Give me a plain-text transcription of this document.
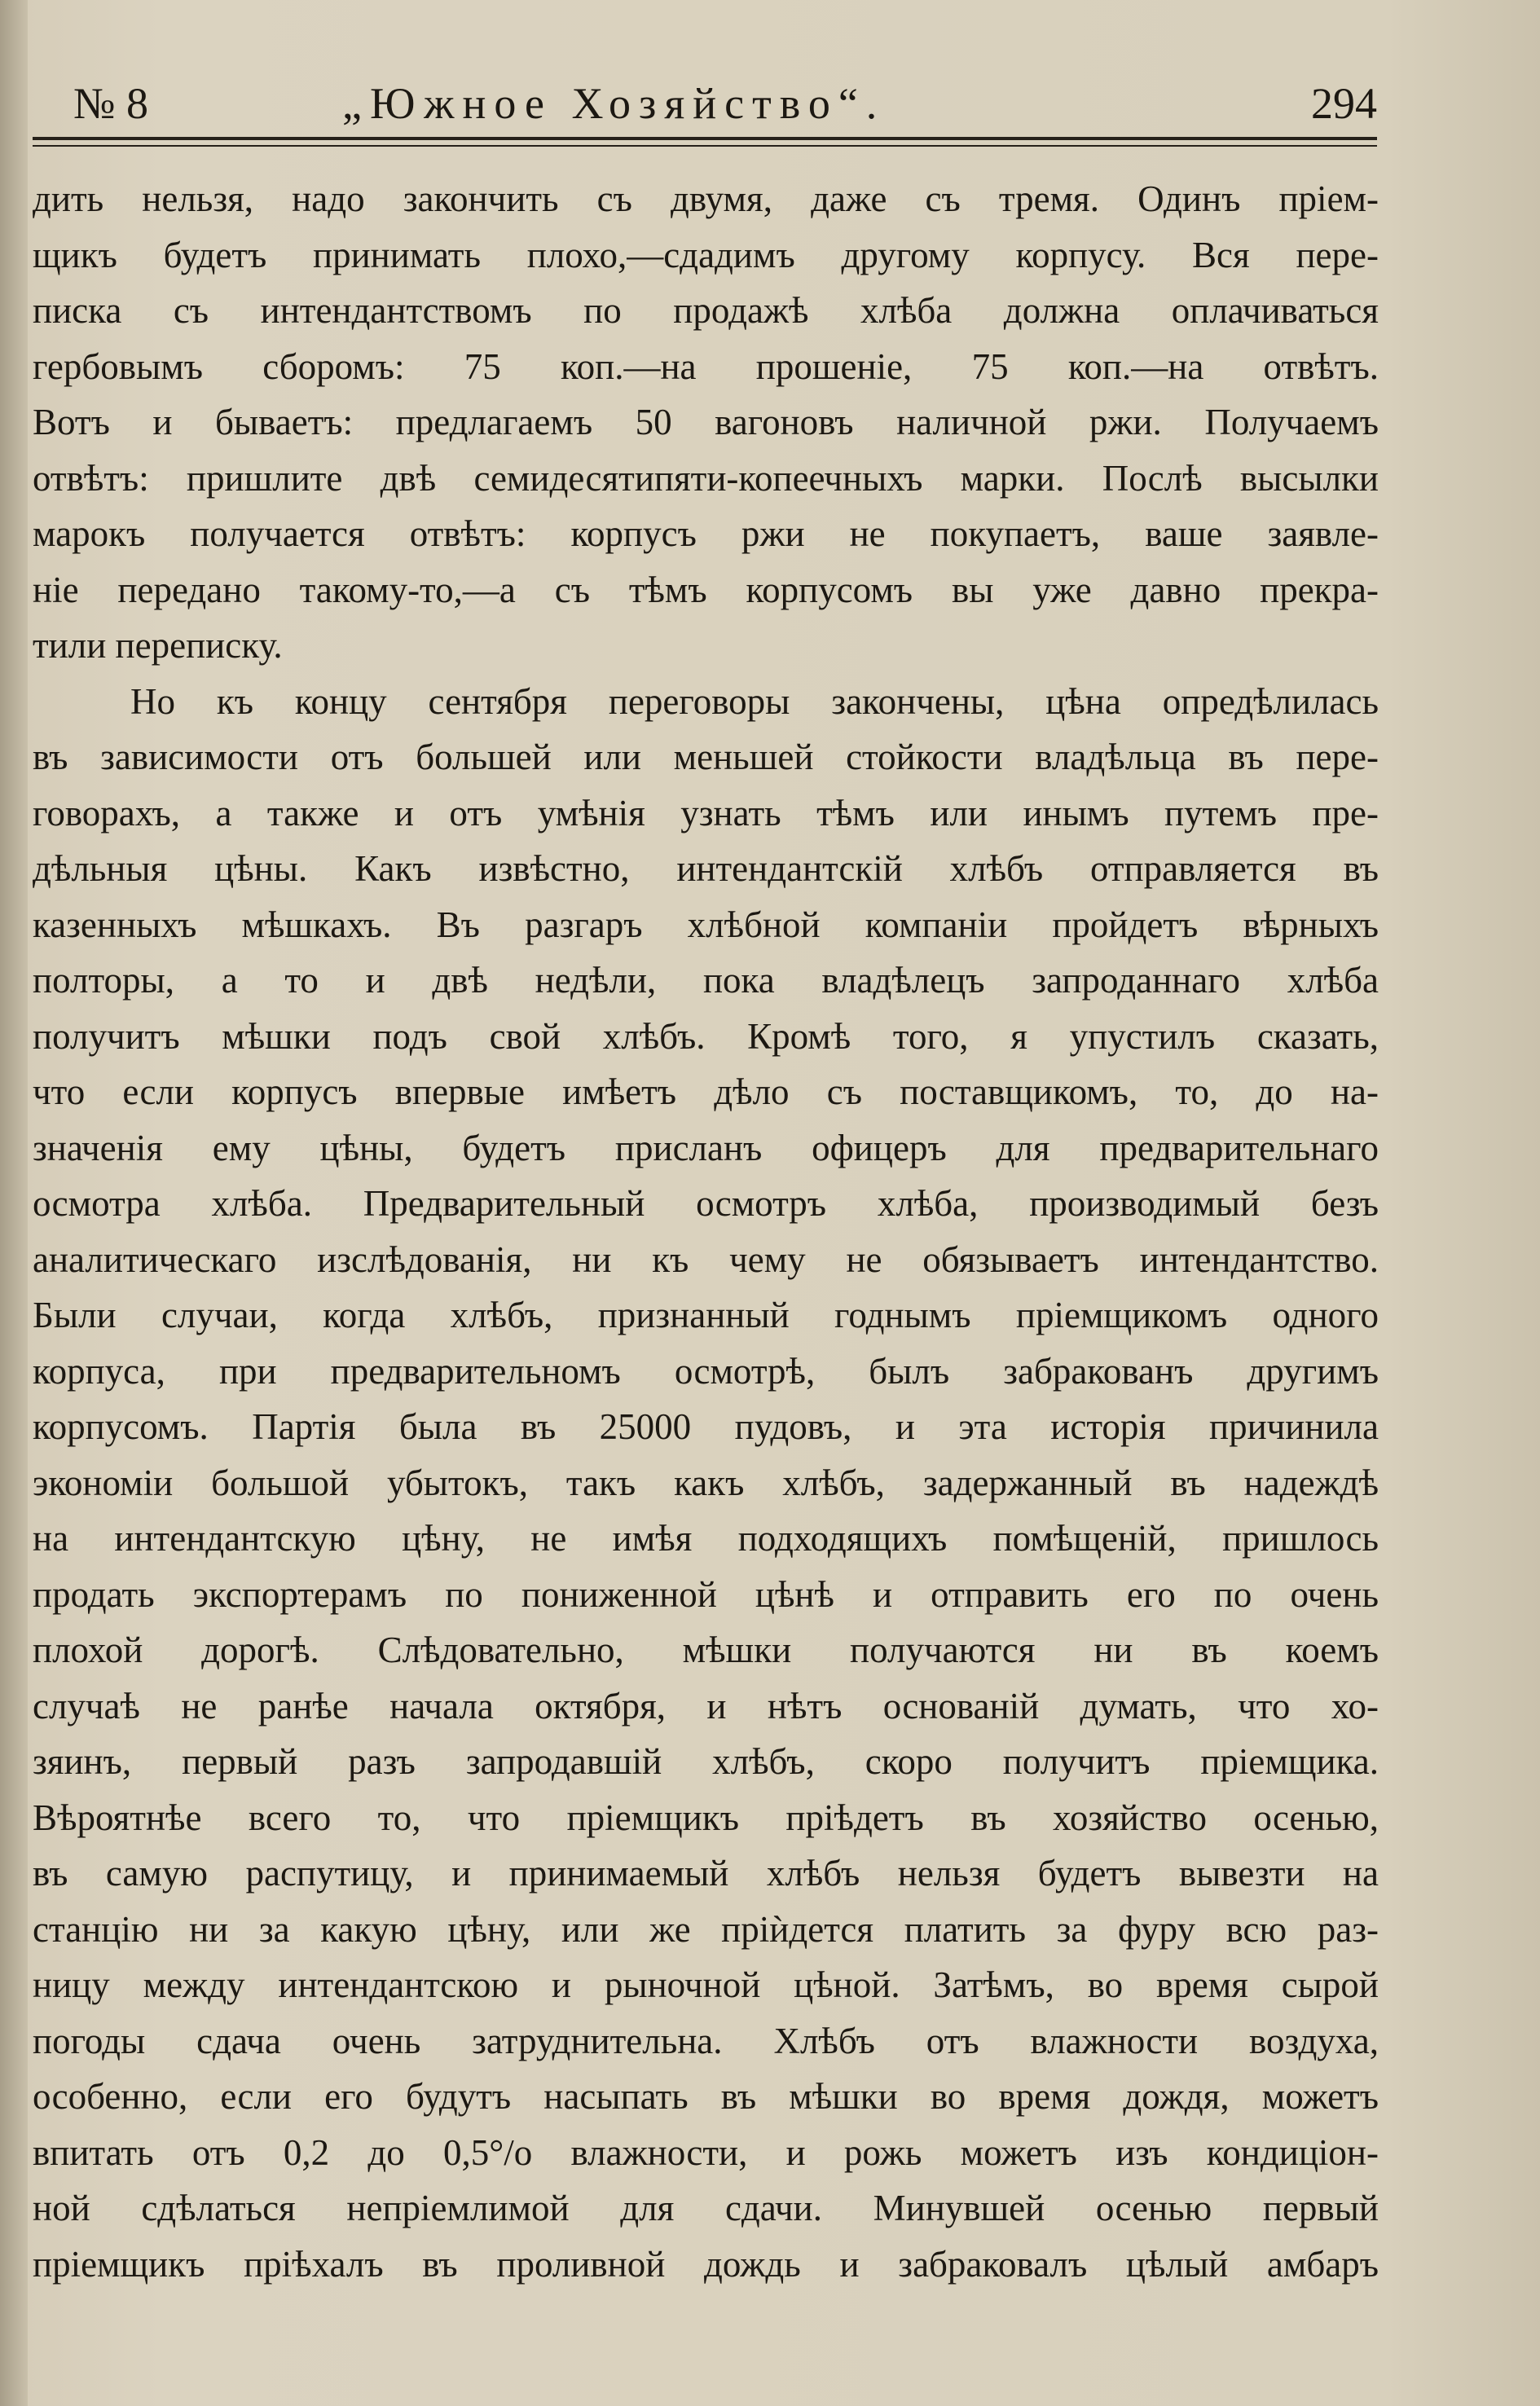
№ 8	„Южное Хозяйство“.	294
дить нельзя, надо закончить съ двумя, даже съ тремя. Одинъ пріем-
щикъ будетъ принимать плохо,—сдадимъ другому корпусу. Вся пере-
писка съ интендантствомъ по продажѣ хлѣба должна оплачиваться
гербовымъ сборомъ: 75 коп.—на прошеніе, 75 коп.—на отвѣтъ.
Вотъ и бываетъ: предлагаемъ 50 вагоновъ наличной ржи. Получаемъ
отвѣтъ: пришлите двѣ семидесятипяти-копеечныхъ марки. Послѣ высылки
марокъ получается отвѣтъ: корпусъ ржи не покупаетъ, ваше заявле-
ніе передано такому-то,—а съ тѣмъ корпусомъ вы уже давно прекра-
тили переписку.
Но къ концу сентября переговоры закончены, цѣна опредѣлилась
въ зависимости отъ большей или меньшей стойкости владѣльца въ пере-
говорахъ, а также и отъ умѣнія узнать тѣмъ или инымъ путемъ пре-
дѣльныя цѣны. Какъ извѣстно, интендантскій хлѣбъ отправляется въ
казенныхъ мѣшкахъ. Въ разгаръ хлѣбной компаніи пройдетъ вѣрныхъ
полторы, а то и двѣ недѣли, пока владѣлецъ запроданнаго хлѣба
получитъ мѣшки подъ свой хлѣбъ. Кромѣ того, я упустилъ сказать,
что если корпусъ впервые имѣетъ дѣло съ поставщикомъ, то, до на-
значенія ему цѣны, будетъ присланъ офицеръ для предварительнаго
осмотра хлѣба. Предварительный осмотръ хлѣба, производимый безъ
аналитическаго изслѣдованія, ни къ чему не обязываетъ интендантство.
Были случаи, когда хлѣбъ, признанный годнымъ пріемщикомъ одного
корпуса, при предварительномъ осмотрѣ, былъ забракованъ другимъ
корпусомъ. Партія была въ 25000 пудовъ, и эта исторія причинила
экономіи большой убытокъ, такъ какъ хлѣбъ, задержанный въ надеждѣ
на интендантскую цѣну, не имѣя подходящихъ помѣщеній, пришлось
продать экспортерамъ по пониженной цѣнѣ и отправить его по очень
плохой дорогѣ. Слѣдовательно, мѣшки получаются ни въ коемъ
случаѣ не ранѣе начала октября, и нѣтъ основаній думать, что хо-
зяинъ, первый разъ запродавшій хлѣбъ, скоро получитъ пріемщика.
Вѣроятнѣе всего то, что пріемщикъ пріѣдетъ въ хозяйство осенью,
въ самую распутицу, и принимаемый хлѣбъ нельзя будетъ вывезти на
станцію ни за какую цѣну, или же пріѝдется платить за фуру всю раз-
ницу между интендантскою и рыночной цѣной. Затѣмъ, во время сырой
погоды сдача очень затруднительна. Хлѣбъ отъ влажности воздуха,
особенно, если его будутъ насыпать въ мѣшки во время дождя, можетъ
впитать отъ 0,2 до 0,5°/о влажности, и рожь можетъ изъ кондиціон-
ной сдѣлаться непріемлимой для сдачи. Минувшей осенью первый
пріемщикъ пріѣхалъ въ проливной дождь и забраковалъ цѣлый амбаръ
